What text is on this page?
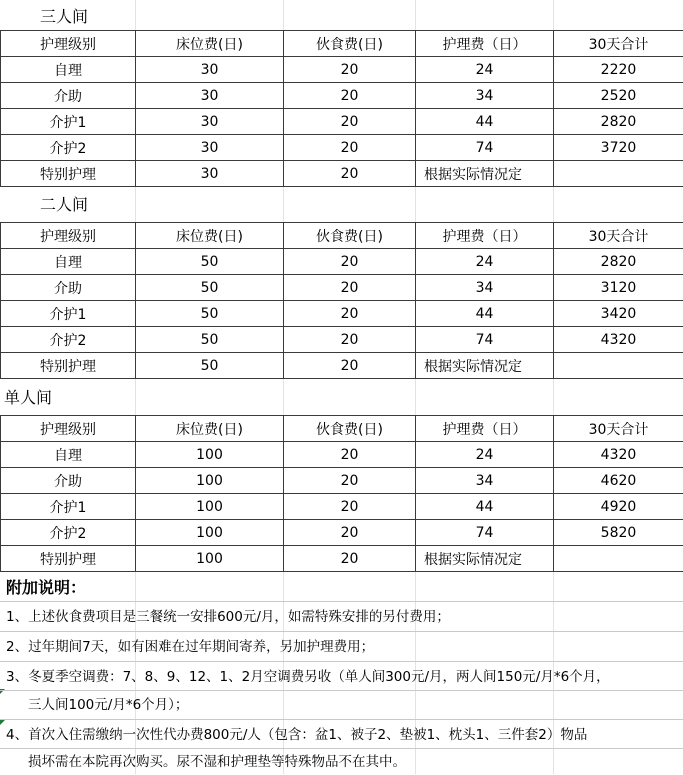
三人间
护理级别	床位费(日)	伙食费(日)	护理费（日）	30天合计
自理	30	20	24	2220
介助	30	20	34	2520
介护1	30	20	44	2820
介护2	30	20	74	3720
特别护理	30	20	根据实际情况定	
二人间
护理级别	床位费(日)	伙食费(日)	护理费（日）	30天合计
自理	50	20	24	2820
介助	50	20	34	3120
介护1	50	20	44	3420
介护2	50	20	74	4320
特别护理	50	20	根据实际情况定	
单人间
护理级别	床位费(日)	伙食费(日)	护理费（日）	30天合计
自理	100	20	24	4320
介助	100	20	34	4620
介护1	100	20	44	4920
介护2	100	20	74	5820
特别护理	100	20	根据实际情况定	
附加说明：
1、上述伙食费项目是三餐统一安排600元/月，如需特殊安排的另付费用；
2、过年期间7天，如有困难在过年期间寄养，另加护理费用；
3、冬夏季空调费：7、8、9、12、1、2月空调费另收（单人间300元/月，两人间150元/月*6个月，
三人间100元/月*6个月）；
4、首次入住需缴纳一次性代办费800元/人（包含：盆1、被子2、垫被1、枕头1、三件套2）物品
损坏需在本院再次购买。尿不湿和护理垫等特殊物品不在其中。
